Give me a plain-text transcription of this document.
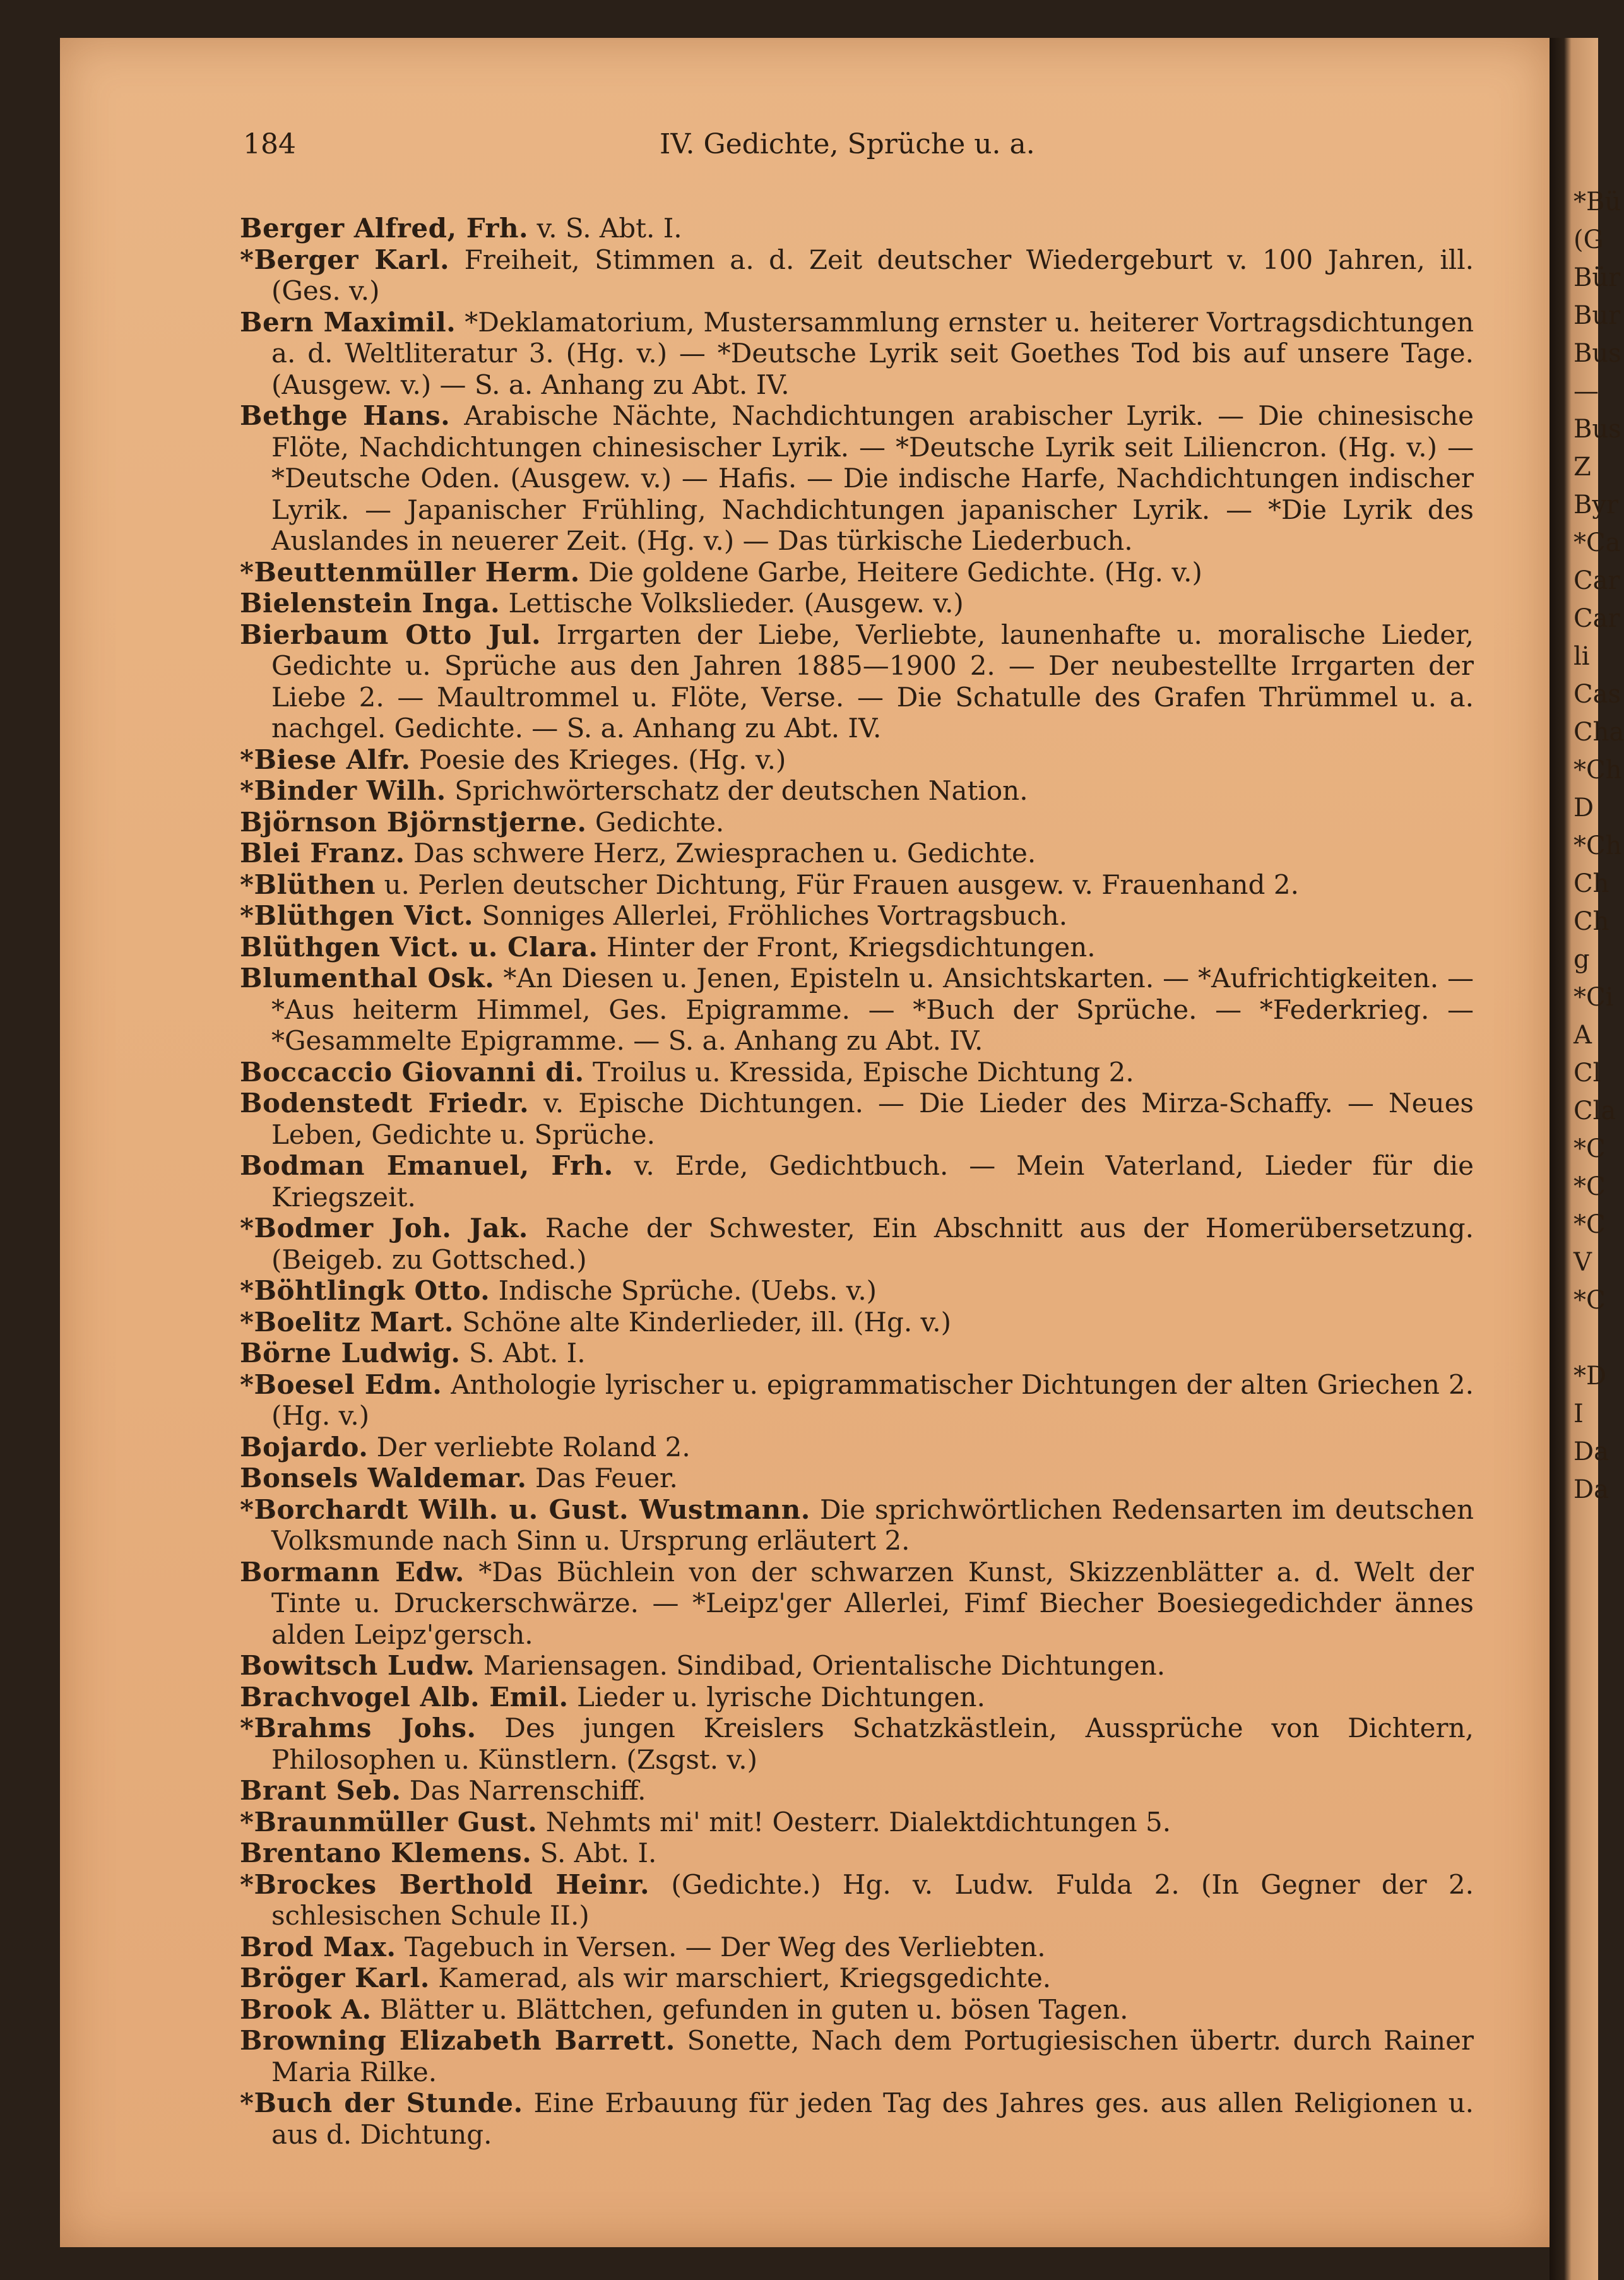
*Bü
(G
Bür
Bur
Bus
—
Bus
Z
Byr
*Ca
Car
Car
li
Cas
Cha
*Ch
D
*Ch
Ch
Ch
g
*Ci
A
Cl
Cla
*C
*C
*C
V
*C

*D
I
Da
Da
184	IV. Gedichte, Sprüche u. a.

Berger Alfred, Frh. v. S. Abt. I.

*Berger Karl. Freiheit, Stimmen a. d. Zeit deutscher Wiedergeburt v. 100 Jahren, ill. (Ges. v.)

Bern Maximil. *Deklamatorium, Mustersammlung ernster u. heiterer Vortragsdichtungen a. d. Weltliteratur 3. (Hg. v.) — *Deutsche Lyrik seit Goethes Tod bis auf unsere Tage. (Ausgew. v.) — S. a. Anhang zu Abt. IV.

Bethge Hans. Arabische Nächte, Nachdichtungen arabischer Lyrik. — Die chinesische Flöte, Nachdichtungen chinesischer Lyrik. — *Deutsche Lyrik seit Liliencron. (Hg. v.) — *Deutsche Oden. (Ausgew. v.) — Hafis. — Die indische Harfe, Nachdichtungen indischer Lyrik. — Japanischer Frühling, Nachdichtungen japanischer Lyrik. — *Die Lyrik des Auslandes in neuerer Zeit. (Hg. v.) — Das türkische Liederbuch.

*Beuttenmüller Herm. Die goldene Garbe, Heitere Gedichte. (Hg. v.)

Bielenstein Inga. Lettische Volkslieder. (Ausgew. v.)

Bierbaum Otto Jul. Irrgarten der Liebe, Verliebte, launenhafte u. moralische Lieder, Gedichte u. Sprüche aus den Jahren 1885—1900 2. — Der neubestellte Irrgarten der Liebe 2. — Maultrommel u. Flöte, Verse. — Die Schatulle des Grafen Thrümmel u. a. nachgel. Gedichte. — S. a. Anhang zu Abt. IV.

*Biese Alfr. Poesie des Krieges. (Hg. v.)

*Binder Wilh. Sprichwörterschatz der deutschen Nation.

Björnson Björnstjerne. Gedichte.

Blei Franz. Das schwere Herz, Zwiesprachen u. Gedichte.

*Blüthen u. Perlen deutscher Dichtung, Für Frauen ausgew. v. Frauenhand 2.

*Blüthgen Vict. Sonniges Allerlei, Fröhliches Vortragsbuch.

Blüthgen Vict. u. Clara. Hinter der Front, Kriegsdichtungen.

Blumenthal Osk. *An Diesen u. Jenen, Episteln u. Ansichtskarten. — *Aufrichtigkeiten. — *Aus heiterm Himmel, Ges. Epigramme. — *Buch der Sprüche. — *Federkrieg. — *Gesammelte Epigramme. — S. a. Anhang zu Abt. IV.

Boccaccio Giovanni di. Troilus u. Kressida, Epische Dichtung 2.

Bodenstedt Friedr. v. Epische Dichtungen. — Die Lieder des Mirza-Schaffy. — Neues Leben, Gedichte u. Sprüche.

Bodman Emanuel, Frh. v. Erde, Gedichtbuch. — Mein Vaterland, Lieder für die Kriegszeit.

*Bodmer Joh. Jak. Rache der Schwester, Ein Abschnitt aus der Homerübersetzung. (Beigeb. zu Gottsched.)

*Böhtlingk Otto. Indische Sprüche. (Uebs. v.)

*Boelitz Mart. Schöne alte Kinderlieder, ill. (Hg. v.)

Börne Ludwig. S. Abt. I.

*Boesel Edm. Anthologie lyrischer u. epigrammatischer Dichtungen der alten Griechen 2. (Hg. v.)

Bojardo. Der verliebte Roland 2.

Bonsels Waldemar. Das Feuer.

*Borchardt Wilh. u. Gust. Wustmann. Die sprichwörtlichen Redensarten im deutschen Volksmunde nach Sinn u. Ursprung erläutert 2.

Bormann Edw. *Das Büchlein von der schwarzen Kunst, Skizzenblätter a. d. Welt der Tinte u. Druckerschwärze. — *Leipz'ger Allerlei, Fimf Biecher Boesiegedichder ännes alden Leipz'gersch.

Bowitsch Ludw. Mariensagen. Sindibad, Orientalische Dichtungen.

Brachvogel Alb. Emil. Lieder u. lyrische Dichtungen.

*Brahms Johs. Des jungen Kreislers Schatzkästlein, Aussprüche von Dichtern, Philosophen u. Künstlern. (Zsgst. v.)

Brant Seb. Das Narrenschiff.

*Braunmüller Gust. Nehmts mi' mit! Oesterr. Dialektdichtungen 5.

Brentano Klemens. S. Abt. I.

*Brockes Berthold Heinr. (Gedichte.) Hg. v. Ludw. Fulda 2. (In Gegner der 2. schlesischen Schule II.)

Brod Max. Tagebuch in Versen. — Der Weg des Verliebten.

Bröger Karl. Kamerad, als wir marschiert, Kriegsgedichte.

Brook A. Blätter u. Blättchen, gefunden in guten u. bösen Tagen.

Browning Elizabeth Barrett. Sonette, Nach dem Portugiesischen übertr. durch Rainer Maria Rilke.

*Buch der Stunde. Eine Erbauung für jeden Tag des Jahres ges. aus allen Religionen u. aus d. Dichtung.
